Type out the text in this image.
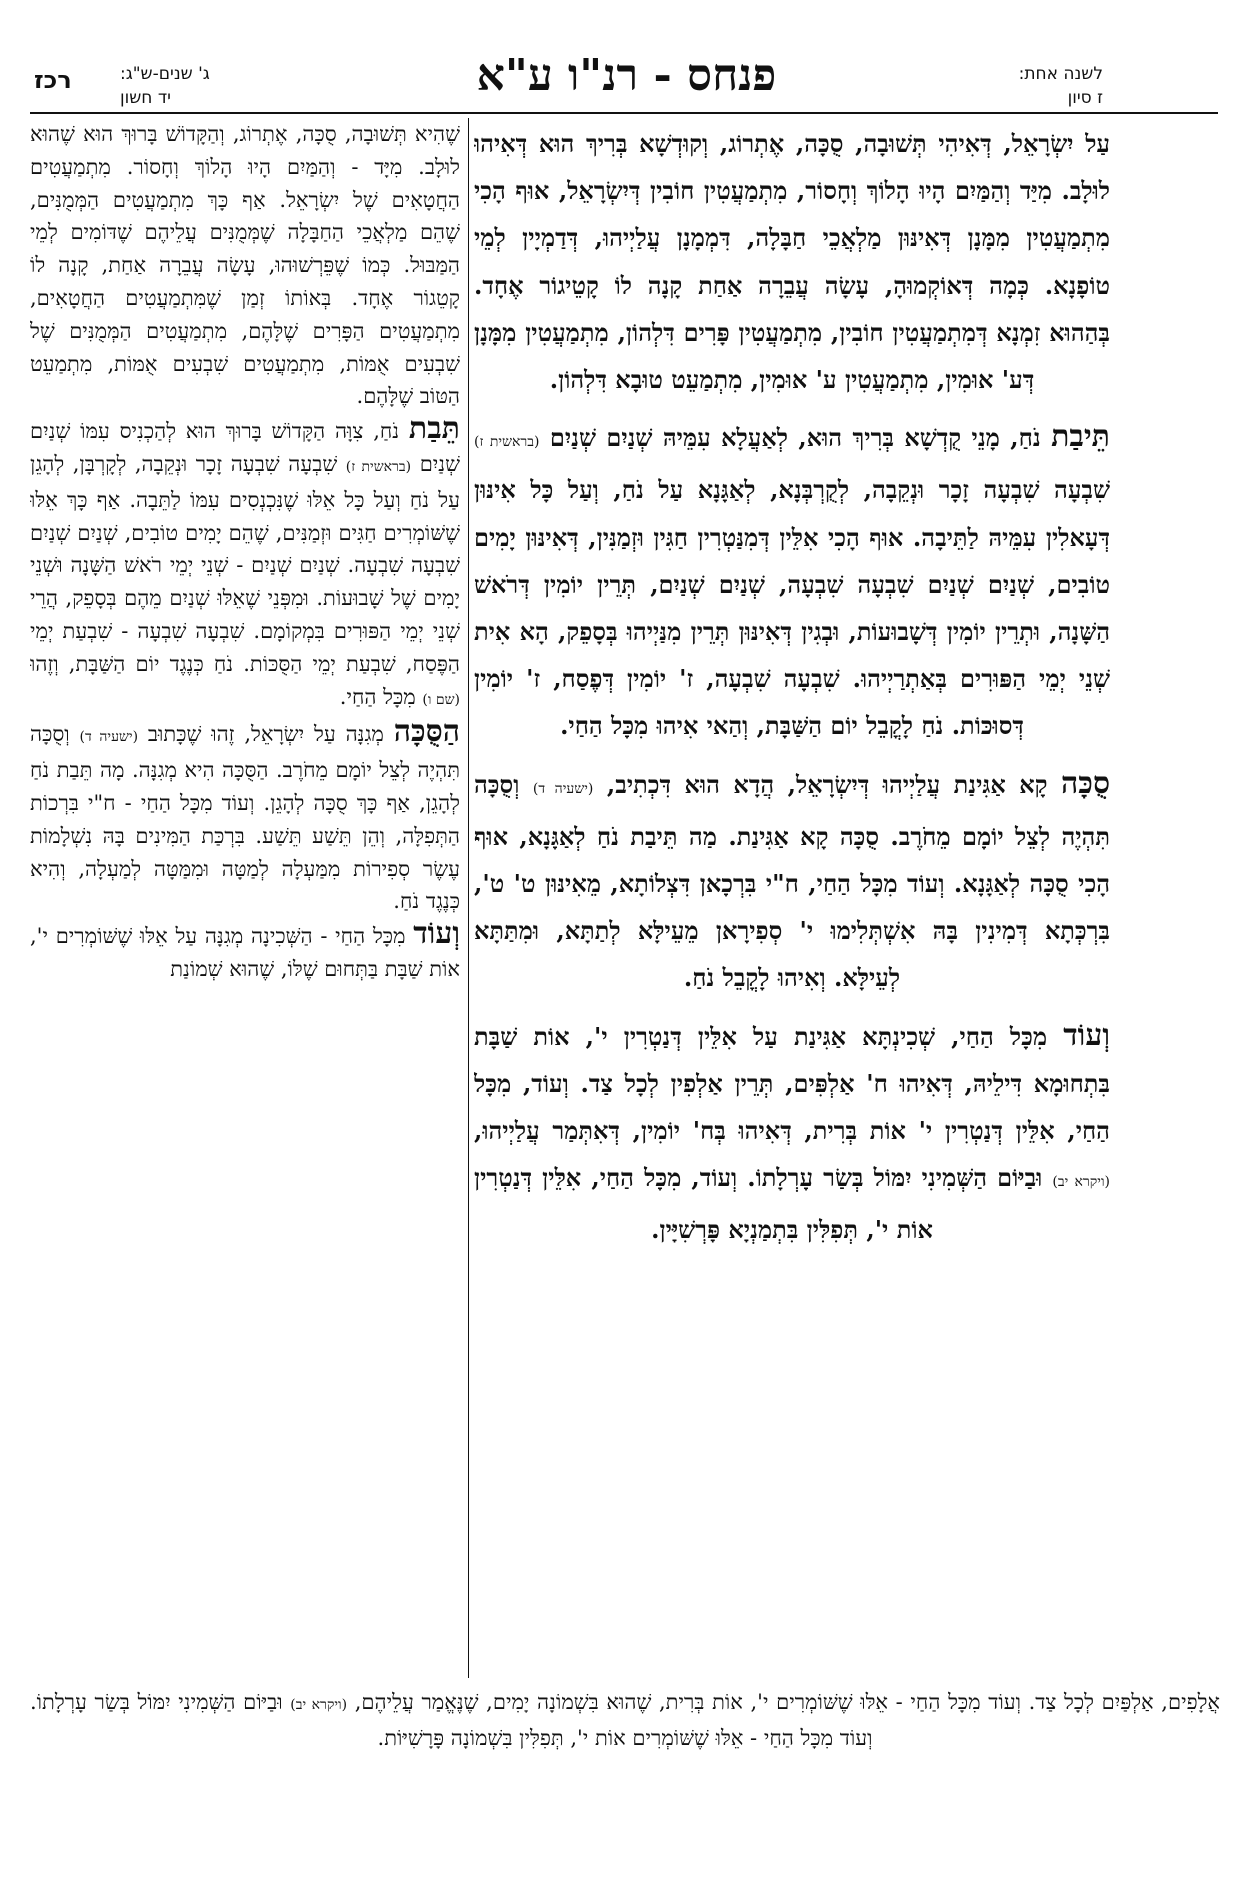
לשנה אחת:
ז סיון
פנחס - רנ"ו ע"א
ג' שנים-ש"ג:
יד חשון
רכז

עַל יִשְׂרָאֵל, דְּאִיהִי תְּשׁוּבָה, סֻכָּה, אֶתְרוֹג, וְקוּדְשָׁא בְּרִיךְ הוּא דְּאִיהוּ לוּלָב. מִיַּד וְהַמַּיִם הָיוּ הָלוֹךְ וְחָסוֹר, מִתְמַעֲטִין חוֹבִין דְּיִשְׂרָאֵל, אוּף הָכִי מִתְמַעֲטִין מִמָּנָן דְּאִינּוּן מַלְאֲכֵי חַבָּלָה, דִּמְמָנָן עֲלַיְיהוּ, דְּדַמְיָין לְמֵי טוֹפָנָא. כְּמָה דְּאוֹקְמוּהָ, עָשָׂה עֲבֵרָה אַחַת קָנָה לוֹ קָטֵיגוֹר אֶחָד. בְּהַהוּא זִמְנָא דְּמִתְמַעֲטִין חוֹבִין, מִתְמַעֲטִין פָּרִים דִּלְהוֹן, מִתְמַעֲטִין מִמָּנָן דְּע' אוּמִין, מִתְמַעֲטִין ע' אוּמִין, מִתְמַעֵט טוּבָא דִּלְהוֹן.

תֵּיבַת נֹחַ, מָנֵי קֻדְשָׁא בְּרִיךְ הוּא, לְאַעֲלָא עִמֵּיהּ שְׁנַיִם שְׁנַיִם (בראשית ז) שִׁבְעָה שִׁבְעָה זָכָר וּנְקֵבָה, לְקֻרְבְּנָא, לְאַגָּנָא עַל נֹחַ, וְעַל כָּל אִינּוּן דְּעָאלִין עִמֵּיהּ לַתֵּיבָה. אוּף הָכִי אִלֵּין דְּמִנַּטְרִין חַגִּין וּזְמַנִּין, דְּאִינּוּן יָמִים טוֹבִים, שְׁנַיִם שְׁנַיִם שִׁבְעָה שִׁבְעָה, שְׁנַיִם שְׁנַיִם, תְּרֵין יוֹמִין דְּרֹאשׁ הַשָּׁנָה, וּתְרֵין יוֹמִין דְּשָׁבוּעוֹת, וּבְגִין דְּאִינּוּן תְּרֵין מִנַּיְיהוּ בְּסָפֵק, הָא אִית שְׁנֵי יְמֵי הַפּוּרִים בְּאַתְרַיְיהוּ. שִׁבְעָה שִׁבְעָה, ז' יוֹמִין דְּפֶסַח, ז' יוֹמִין דְּסוּכּוֹת. נֹחַ לָקֳבֵל יוֹם הַשַּׁבָּת, וְהַאי אִיהוּ מִכָּל הַחַי.

סֻכָּה קָא אַגִּינַת עֲלַיְיהוּ דְּיִשְׂרָאֵל, הֲדָא הוּא דִּכְתִיב, (ישעיה ד) וְסֻכָּה תִּהְיֶה לְצֵל יוֹמָם מֵחֹרֶב. סֻכָּה קָא אַגִּינַת. מַה תֵּיבַת נֹחַ לְאַגָּנָא, אוּף הָכִי סֻכָּה לְאַגָּנָא. וְעוֹד מִכָּל הַחַי, ח"י בִּרְכָאן דִּצְלוֹתָא, מֵאִינּוּן ט' ט', בִּרְכְּתָא דְּמִינִין בָּהּ אִשְׁתְּלִימוּ י' סְפִירָאן מֵעֵילָּא לְתַתָּא, וּמִתַּתָּא לְעֵילָּא. וְאִיהוּ לָקֳבֵל נֹחַ.

וְעוֹד מִכָּל הַחַי, שְׁכִינְתָּא אַגִּינַת עַל אִלֵּין דְּנַטְרִין י', אוֹת שַׁבָּת בִּתְחוּמָא דִּילֵיהּ, דְּאִיהוּ ח' אַלְפִּים, תְּרֵין אַלְפִין לְכָל צַד. וְעוֹד, מִכָּל הַחַי, אִלֵּין דְּנַטְרִין י' אוֹת בְּרִית, דְּאִיהוּ בְּח' יוֹמִין, דְּאִתְּמַר עֲלַיְיהוּ, (ויקרא יב) וּבַיּוֹם הַשְּׁמִינִי יִמּוֹל בְּשַׂר עָרְלָתוֹ. וְעוֹד, מִכָּל הַחַי, אִלֵּין דְּנַטְרִין אוֹת י', תְּפִלִּין בִּתְמַנְיָא פָּרְשִׁיָּין.

שֶׁהִיא תְּשׁוּבָה, סֻכָּה, אֶתְרוֹג, וְהַקָּדוֹשׁ בָּרוּךְ הוּא שֶׁהוּא לוּלָב. מִיָּד - וְהַמַּיִם הָיוּ הָלוֹךְ וְחָסוֹר. מִתְמַעֲטִים הַחֲטָאִים שֶׁל יִשְׂרָאֵל. אַף כָּךְ מִתְמַעֲטִים הַמְּמֻנִּים, שֶׁהֵם מַלְאֲכֵי הַחַבָּלָה שֶׁמְּמֻנִּים עֲלֵיהֶם שֶׁדּוֹמִים לְמֵי הַמַּבּוּל. כְּמוֹ שֶׁפֵּרְשׁוּהוּ, עָשָׂה עֲבֵרָה אַחַת, קָנָה לוֹ קָטֵגוֹר אֶחָד. בְּאוֹתוֹ זְמַן שֶׁמִּתְמַעֲטִים הַחֲטָאִים, מִתְמַעֲטִים הַפָּרִים שֶׁלָּהֶם, מִתְמַעֲטִים הַמְּמֻנִּים שֶׁל שִׁבְעִים אֻמּוֹת, מִתְמַעֲטִים שִׁבְעִים אֻמּוֹת, מִתְמַעֵט הַטּוֹב שֶׁלָּהֶם.

תֵּבַת נֹחַ, צִוָּה הַקָּדוֹשׁ בָּרוּךְ הוּא לְהַכְנִיס עִמּוֹ שְׁנַיִם שְׁנַיִם (בראשית ז) שִׁבְעָה שִׁבְעָה זָכָר וּנְקֵבָה, לְקָרְבָּן, לְהָגֵן עַל נֹחַ וְעַל כָּל אֵלּוּ שֶׁנִּכְנְסִים עִמּוֹ לַתֵּבָה. אַף כָּךְ אֵלּוּ שֶׁשּׁוֹמְרִים חַגִּים וּזְמַנִּים, שֶׁהֵם יָמִים טוֹבִים, שְׁנַיִם שְׁנַיִם שִׁבְעָה שִׁבְעָה. שְׁנַיִם שְׁנַיִם - שְׁנֵי יְמֵי רֹאשׁ הַשָּׁנָה וּשְׁנֵי יָמִים שֶׁל שָׁבוּעוֹת. וּמִפְּנֵי שֶׁאֵלּוּ שְׁנַיִם מֵהֶם בְּסָפֵק, הֲרֵי שְׁנֵי יְמֵי הַפּוּרִים בִּמְקוֹמָם. שִׁבְעָה שִׁבְעָה - שִׁבְעַת יְמֵי הַפֶּסַח, שִׁבְעַת יְמֵי הַסֻּכּוֹת. נֹחַ כְּנֶגֶד יוֹם הַשַּׁבָּת, וְזֶהוּ (שם ו) מִכָּל הַחַי.

הַסֻּכָּה מְגִנָּה עַל יִשְׂרָאֵל, זֶהוּ שֶׁכָּתוּב (ישעיה ד) וְסֻכָּה תִּהְיֶה לְצֵל יוֹמָם מֵחֹרֶב. הַסֻּכָּה הִיא מְגִנָּה. מָה תֵּבַת נֹחַ לְהָגֵן, אַף כָּךְ סֻכָּה לְהָגֵן. וְעוֹד מִכָּל הַחַי - ח"י בִּרְכוֹת הַתְּפִלָּה, וְהֵן תֵּשַׁע תֵּשַׁע. בִּרְכַּת הַמִּינִים בָּהּ נִשְׁלָמוֹת עֶשֶׂר סְפִירוֹת מִמַּעְלָה לְמַטָּה וּמִמַּטָּה לְמַעְלָה, וְהִיא כְּנֶגֶד נֹחַ.

וְעוֹד מִכָּל הַחַי - הַשְּׁכִינָה מְגִנָּה עַל אֵלּוּ שֶׁשּׁוֹמְרִים י', אוֹת שַׁבָּת בַּתְּחוּם שֶׁלּוֹ, שֶׁהוּא שְׁמוֹנַת

אֲלָפִים, אַלְפַּיִם לְכָל צַד. וְעוֹד מִכָּל הַחַי - אֵלּוּ שֶׁשּׁוֹמְרִים י', אוֹת בְּרִית, שֶׁהוּא בִּשְׁמוֹנָה יָמִים, שֶׁנֶּאֱמַר עֲלֵיהֶם, (ויקרא יב) וּבַיּוֹם הַשְּׁמִינִי יִמּוֹל בְּשַׂר עָרְלָתוֹ. וְעוֹד מִכָּל הַחַי - אֵלּוּ שֶׁשּׁוֹמְרִים אוֹת י', תְּפִלִּין בִּשְׁמוֹנָה פָּרָשִׁיּוֹת.
